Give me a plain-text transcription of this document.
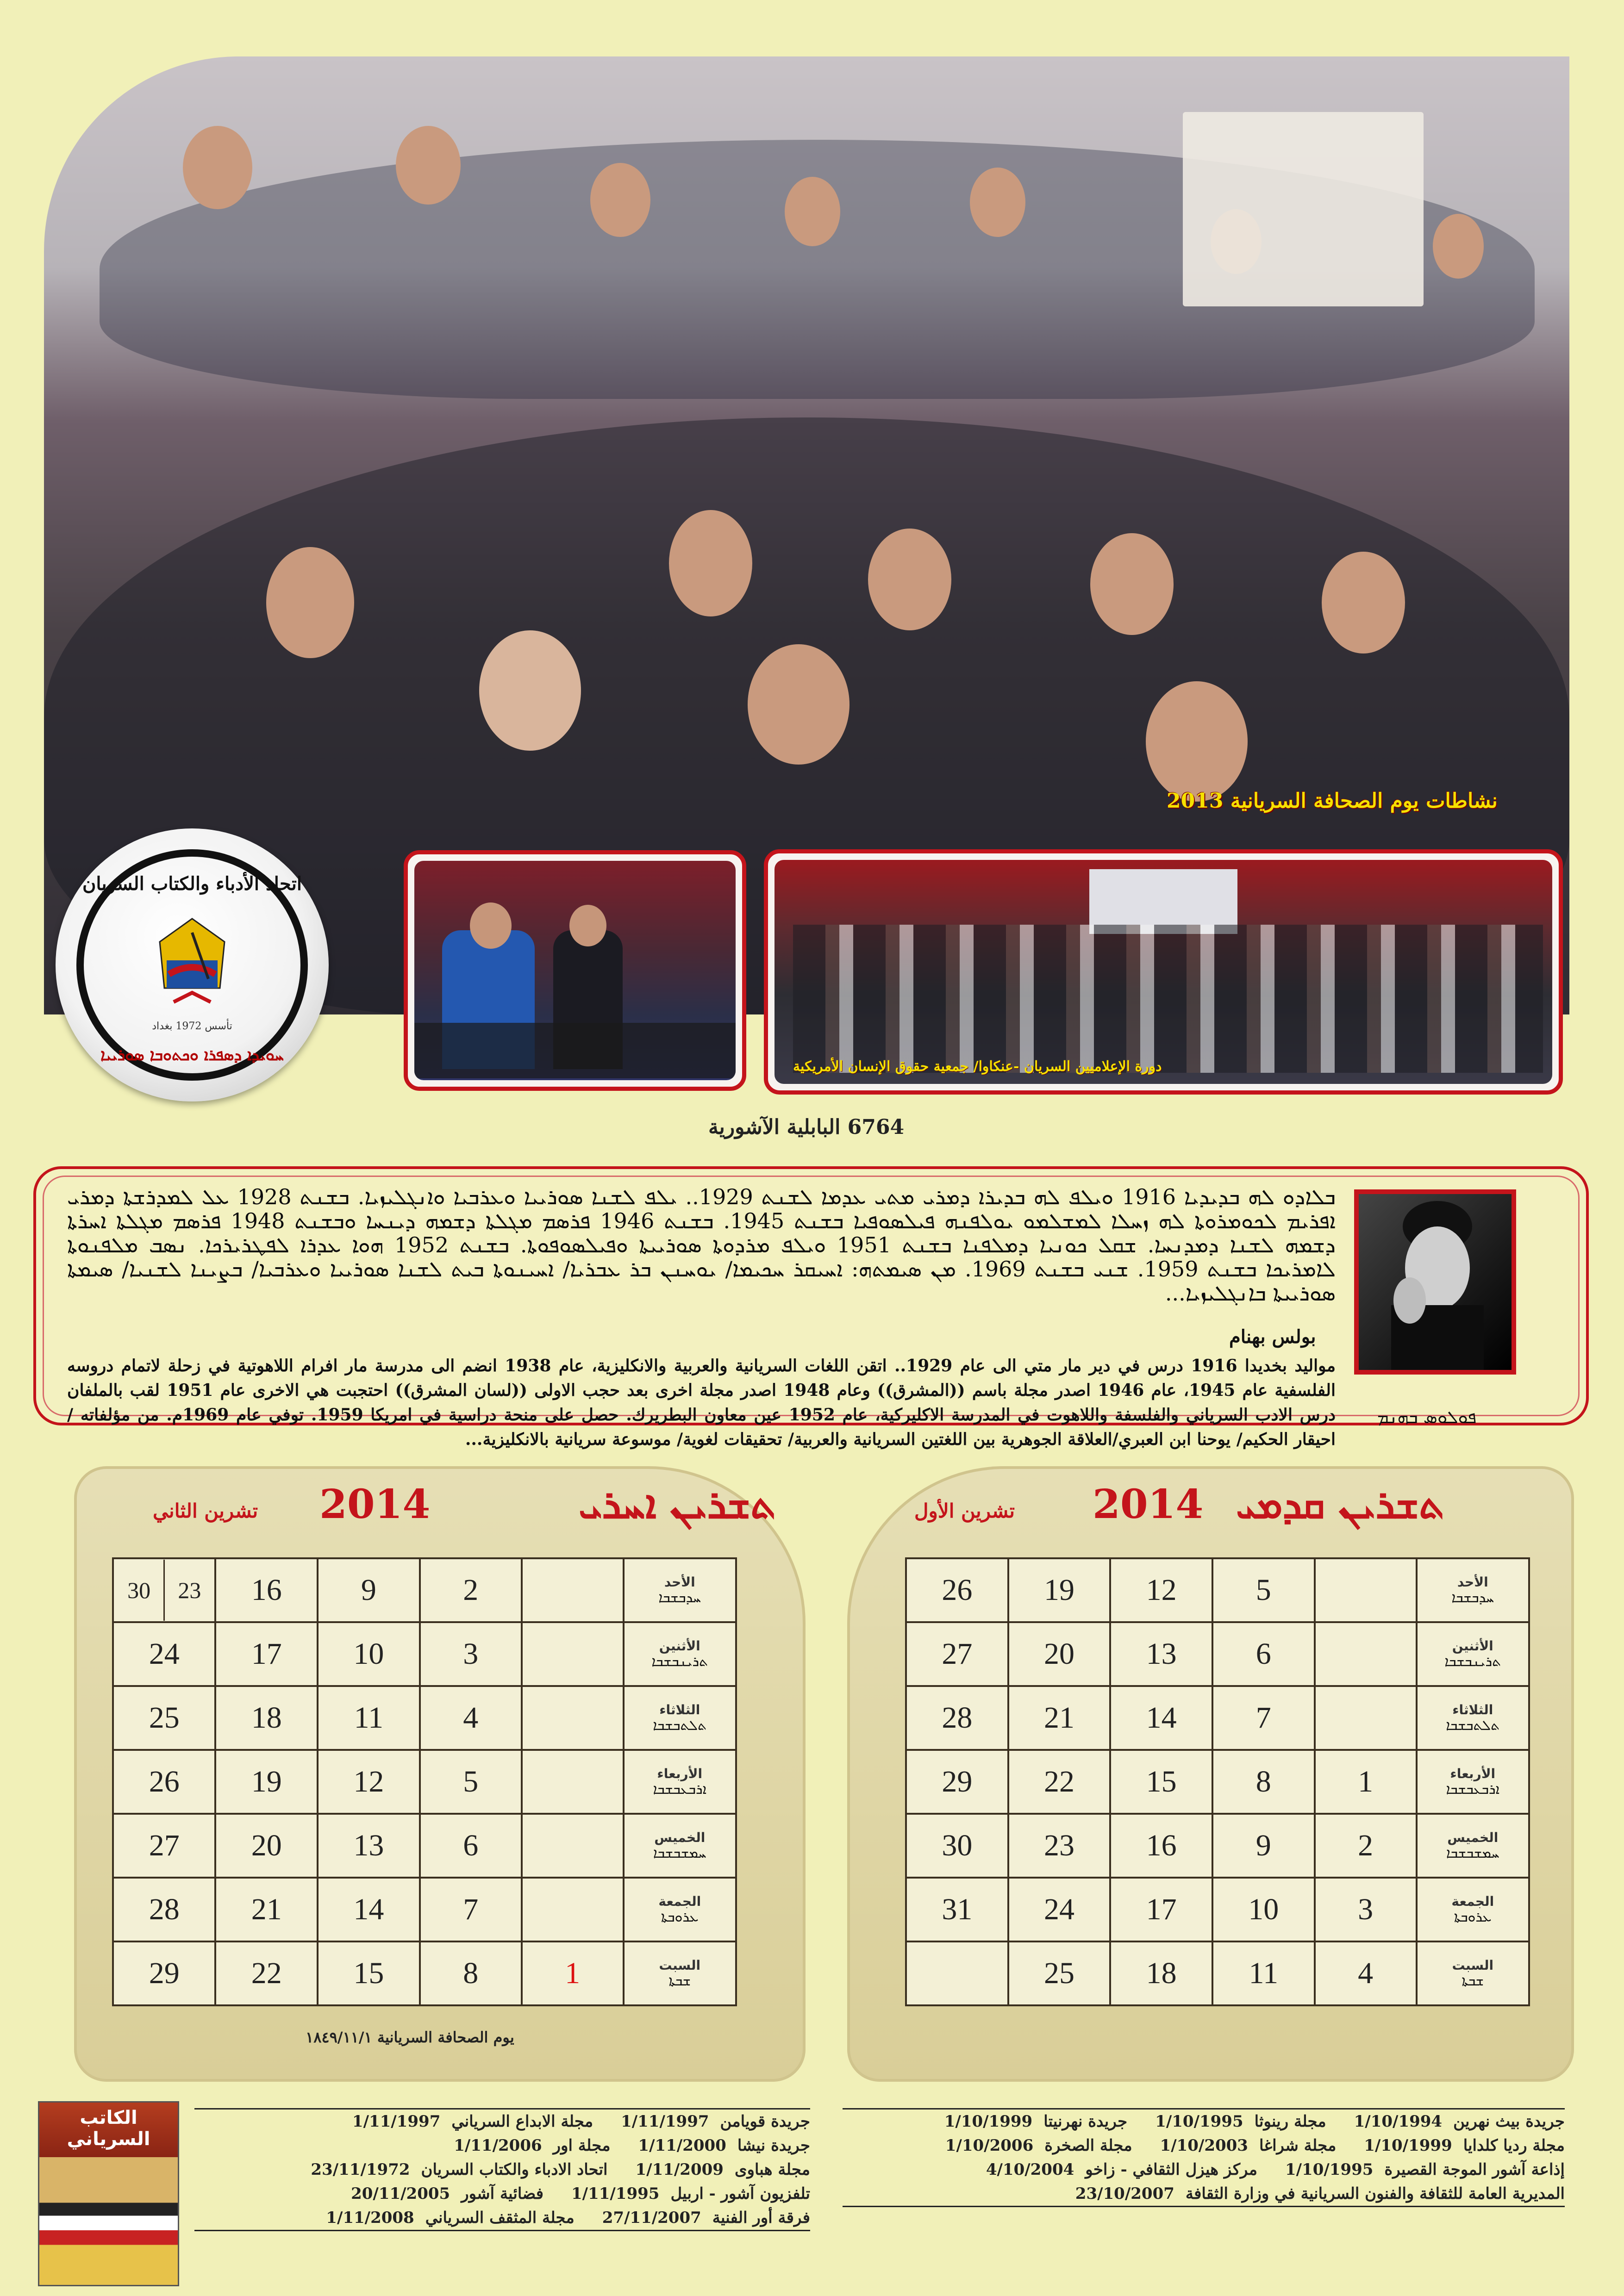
نشاطات يوم الصحافة السريانية 2013
اتحاد الأدباء والكتاب السريان
تأسس 1972 بغداد
ܚܘܝܕܐ ܕܣܦܪܐ ܘܟܬܘܒܐ ܣܘܪܝܝܐ
دورة الإعلاميين السريان -عنكاوا/ جمعية حقوق الإنسان الأمريكية
6764 البابلية الآشورية
ܦܘܠܘܣ ܒܗܢܡ
ܒܠܐܕܘ ܠܗ ܒܕܝܕܝܐ 1916 ܘܝܠܦ ܠܗ ܒܕܝܪܐ ܕܡܪܝ ܡܬܝ ܥܕܡܐ ܠܫܢܬ 1929.. ܝܠܦ ܠܫܢܐ ܣܘܪܝܝܐ ܘܥܪܒܝܐ ܘܐܢܓܠܝܙܝܐ. ܒܫܢܬ 1928 ܥܠ ܠܡܕܪܫܬܐ ܕܡܪܝ ܐܦܪܝܡ ܠܟܘܡܪܘܬܐ ܠܗ ܙܚܠܐ ܠܡܫܠܡܘ ܝܘܠܦܢܗ ܦܝܠܣܘܦܝܐ ܒܫܢܬ 1945. ܒܫܢܬ 1946 ܦܪܣܡ ܡܓܠܬܐ ܕܫܡܗ ܕܝܢܚܐ ܘܒܫܢܬ 1948 ܦܪܣܡ ܡܓܠܬܐ ܐܚܪܬܐ ܕܫܡܗ ܠܫܢܐ ܕܡܕܢܚܐ. ܫܩܠ ܟܘܢܝܐ ܕܡܠܦܢܐ ܒܫܢܬ 1951 ܘܝܠܦ ܡܪܕܘܬܐ ܣܘܪܝܝܬܐ ܘܦܝܠܣܘܦܘܬܐ. ܒܫܢܬ 1952 ܗܘܐ ܥܕܪܐ ܠܦܛܪܝܪܟܐ. ܢܣܒ ܡܠܦܢܘܬܐ ܠܐܡܪܝܟܐ ܒܫܢܬ 1959. ܫܢܝ ܒܫܢܬ 1969. ܡܢ ܣܝܡܬܗ: ܐܚܝܩܪ ܚܟܝܡܐ/ ܝܘܚܢܢ ܒܪ ܥܒܪܝܐ/ ܐܚܝܢܘܬܐ ܒܝܬ ܠܫܢܐ ܣܘܪܝܝܐ ܘܥܪܒܝܐ/ ܒܨܝܢܐ ܠܫܢܝܐ/ ܣܝܡܬܐ ܣܘܪܝܝܬܐ ܒܐܢܓܠܝܙܝܐ...
بولس بهنام
مواليد بخديدا 1916 درس في دير مار متي الى عام 1929.. اتقن اللغات السريانية والعربية والانكليزية، عام 1938 انضم الى مدرسة مار افرام اللاهوتية في زحلة لاتمام دروسه الفلسفية عام 1945، عام 1946 اصدر مجلة باسم ((المشرق)) وعام 1948 اصدر مجلة اخرى بعد حجب الاولى ((لسان المشرق)) احتجبت هي الاخرى عام 1951 لقب بالملفان درس الادب السرياني والفلسفة واللاهوت في المدرسة الاكليركية، عام 1952 عين معاون البطريرك. حصل على منحة دراسية في امريكا 1959. توفي عام 1969م. من مؤلفاته /احيقار الحكيم/ يوحنا ابن العبري/العلاقة الجوهرية بين اللغتين السريانية والعربية/ تحقيقات لغوية/ موسوعة سريانية بالانكليزية...
ܬܫܪܝܢ ܐܚܪܝ
2014
تشرين الثاني
30 23	16	9	2		الأحد
ܚܕܒܫܒܐ

24	17	10	3		الأثنين
ܬܪܝܢܒܫܒܐ

25	18	11	4		الثلاثاء
ܬܠܬܒܫܒܐ

26	19	12	5		الأربعاء
ܐܪܒܥܒܫܒܐ

27	20	13	6		الخميس
ܚܡܫܒܫܒܐ

28	21	14	7		الجمعة
ܥܪܘܒܬܐ

29	22	15	8	1	السبت
ܫܒܬܐ
يوم الصحافة السريانية ١٨٤٩/١١/١
ܬܫܪܝܢ ܩܕܡܝ
2014
تشرين الأول
26	19	12	5		الأحد
ܚܕܒܫܒܐ

27	20	13	6		الأثنين
ܬܪܝܢܒܫܒܐ

28	21	14	7		الثلاثاء
ܬܠܬܒܫܒܐ

29	22	15	8	1	الأربعاء
ܐܪܒܥܒܫܒܐ

30	23	16	9	2	الخميس
ܚܡܫܒܫܒܐ

31	24	17	10	3	الجمعة
ܥܪܘܒܬܐ

	25	18	11	4	السبت
ܫܒܬܐ
الكاتب السرياني
جريدة قويامن1/11/1997مجلة الابداع السرياني1/11/1997
جريدة نيشا1/11/2000مجلة اور1/11/2006
مجلة هباوى1/11/2009اتحاد الادباء والكتاب السريان23/11/1972
تلفزيون آشور - اربيل1/11/1995فضائية آشور20/11/2005
فرقة أور الفنية27/11/2007مجلة المثقف السرياني1/11/2008
جريدة بيث نهرين1/10/1994مجلة رينوثا1/10/1995جريدة نهرنيتا1/10/1999
مجلة رديا كلدايا1/10/1999مجلة شراغا1/10/2003مجلة الصخرة1/10/2006
إذاعة آشور الموجة القصيرة1/10/1995مركز هيزل الثقافي - زاخو4/10/2004
المديرية العامة للثقافة والفنون السريانية في وزارة الثقافة23/10/2007
